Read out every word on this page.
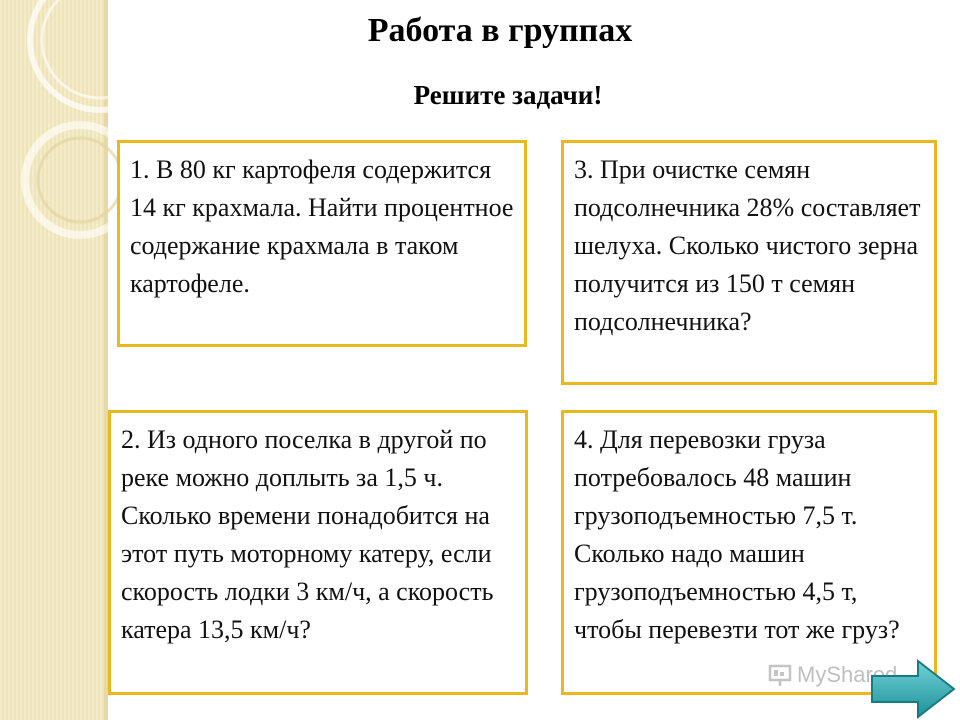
Работа в группах
Решите задачи!
1. В 80 кг картофеля содержится 14 кг крахмала. Найти процентное содержание крахмала в таком картофеле.
3. При очистке семян подсолнечника 28% составляет шелуха. Сколько чистого зерна получится из 150 т семян подсолнечника?
2. Из одного поселка в другой по реке можно доплыть за 1,5 ч. Сколько времени понадобится на этот путь моторному катеру, если скорость лодки 3 км/ч, а скорость катера 13,5 км/ч?
4. Для перевозки груза потребовалось 48 машин грузоподъемностью 7,5 т. Сколько надо машин грузоподъемностью 4,5 т, чтобы перевезти тот же груз?
MyShared
